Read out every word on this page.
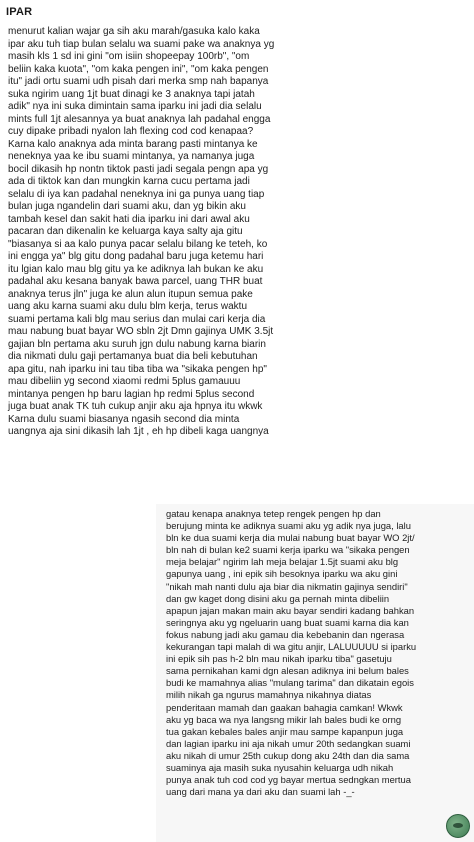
IPAR
menurut kalian wajar ga sih aku marah/gasuka kalo kaka
ipar aku tuh tiap bulan selalu wa suami pake wa anaknya yg
masih kls 1 sd ini gini "om isiin shopeepay 100rb", "om
beliin kaka kuota", "om kaka pengen ini", "om kaka pengen
itu" jadi ortu suami udh pisah dari merka smp nah bapanya
suka ngirim uang 1jt buat dinagi ke 3 anaknya tapi jatah
adik" nya ini suka dimintain sama iparku ini jadi dia selalu
mints full 1jt alesannya ya buat anaknya lah padahal engga
cuy dipake pribadi nyalon lah flexing cod cod kenapaa?
Karna kalo anaknya ada minta barang pasti mintanya ke
neneknya yaa ke ibu suami mintanya, ya namanya juga
bocil dikasih hp nontn tiktok pasti jadi segala pengn apa yg
ada di tiktok kan dan mungkin karna cucu pertama jadi
selalu di iya kan padahal neneknya ini ga punya uang tiap
bulan juga ngandelin dari suami aku, dan yg bikin aku
tambah kesel dan sakit hati dia iparku ini dari awal aku
pacaran dan dikenalin ke keluarga kaya salty aja gitu
"biasanya si aa kalo punya pacar selalu bilang ke teteh, ko
ini engga ya" blg gitu dong padahal baru juga ketemu hari
itu lgian kalo mau blg gitu ya ke adiknya lah bukan ke aku
padahal aku kesana banyak bawa parcel, uang THR buat
anaknya terus jln" juga ke alun alun itupun semua pake
uang aku karna suami aku dulu blm kerja, terus waktu
suami pertama kali blg mau serius dan mulai cari kerja dia
mau nabung buat bayar WO sbln 2jt Dmn gajinya UMK 3.5jt
gajian bln pertama aku suruh jgn dulu nabung karna biarin
dia nikmati dulu gaji pertamanya buat dia beli kebutuhan
apa gitu, nah iparku ini tau tiba tiba wa "sikaka pengen hp"
mau dibeliin yg second xiaomi redmi 5plus gamauuu
mintanya pengen hp baru lagian hp redmi 5plus second
juga buat anak TK tuh cukup anjir aku aja hpnya itu wkwk
Karna dulu suami biasanya ngasih second dia minta
uangnya aja sini dikasih lah 1jt , eh hp dibeli kaga uangnya
gatau kenapa anaknya tetep rengek pengen hp dan
berujung minta ke adiknya suami aku yg adik nya juga, lalu
bln ke dua suami kerja dia mulai nabung buat bayar WO 2jt/
bln nah di bulan ke2 suami kerja iparku wa "sikaka pengen
meja belajar" ngirim lah meja belajar 1.5jt suami aku blg
gapunya uang , ini epik sih besoknya iparku wa aku gini
"nikah mah nanti dulu aja biar dia nikmatin gajinya sendiri"
dan gw kaget dong disini aku ga pernah minta dibeliin
apapun jajan makan main aku bayar sendiri kadang bahkan
seringnya aku yg ngeluarin uang buat suami karna dia kan
fokus nabung jadi aku gamau dia kebebanin dan ngerasa
kekurangan tapi malah di wa gitu anjir, LALUUUUU si iparku
ini epik sih pas h-2 bln mau nikah iparku tiba" gasetuju
sama pernikahan kami dgn alesan adiknya ini belum bales
budi ke mamahnya alias "mulang tarima" dan dikatain egois
milih nikah ga ngurus mamahnya nikahnya diatas
penderitaan mamah dan gaakan bahagia camkan! Wkwk
aku yg baca wa nya langsng mikir lah bales budi ke orng
tua gakan kebales bales anjir mau sampe kapanpun juga
dan lagian iparku ini aja nikah umur 20th sedangkan suami
aku nikah di umur 25th cukup dong aku 24th dan dia sama
suaminya aja masih suka nyusahin keluarga udh nikah
punya anak tuh cod cod yg bayar mertua sedngkan mertua
uang dari mana ya dari aku dan suami lah -_-
